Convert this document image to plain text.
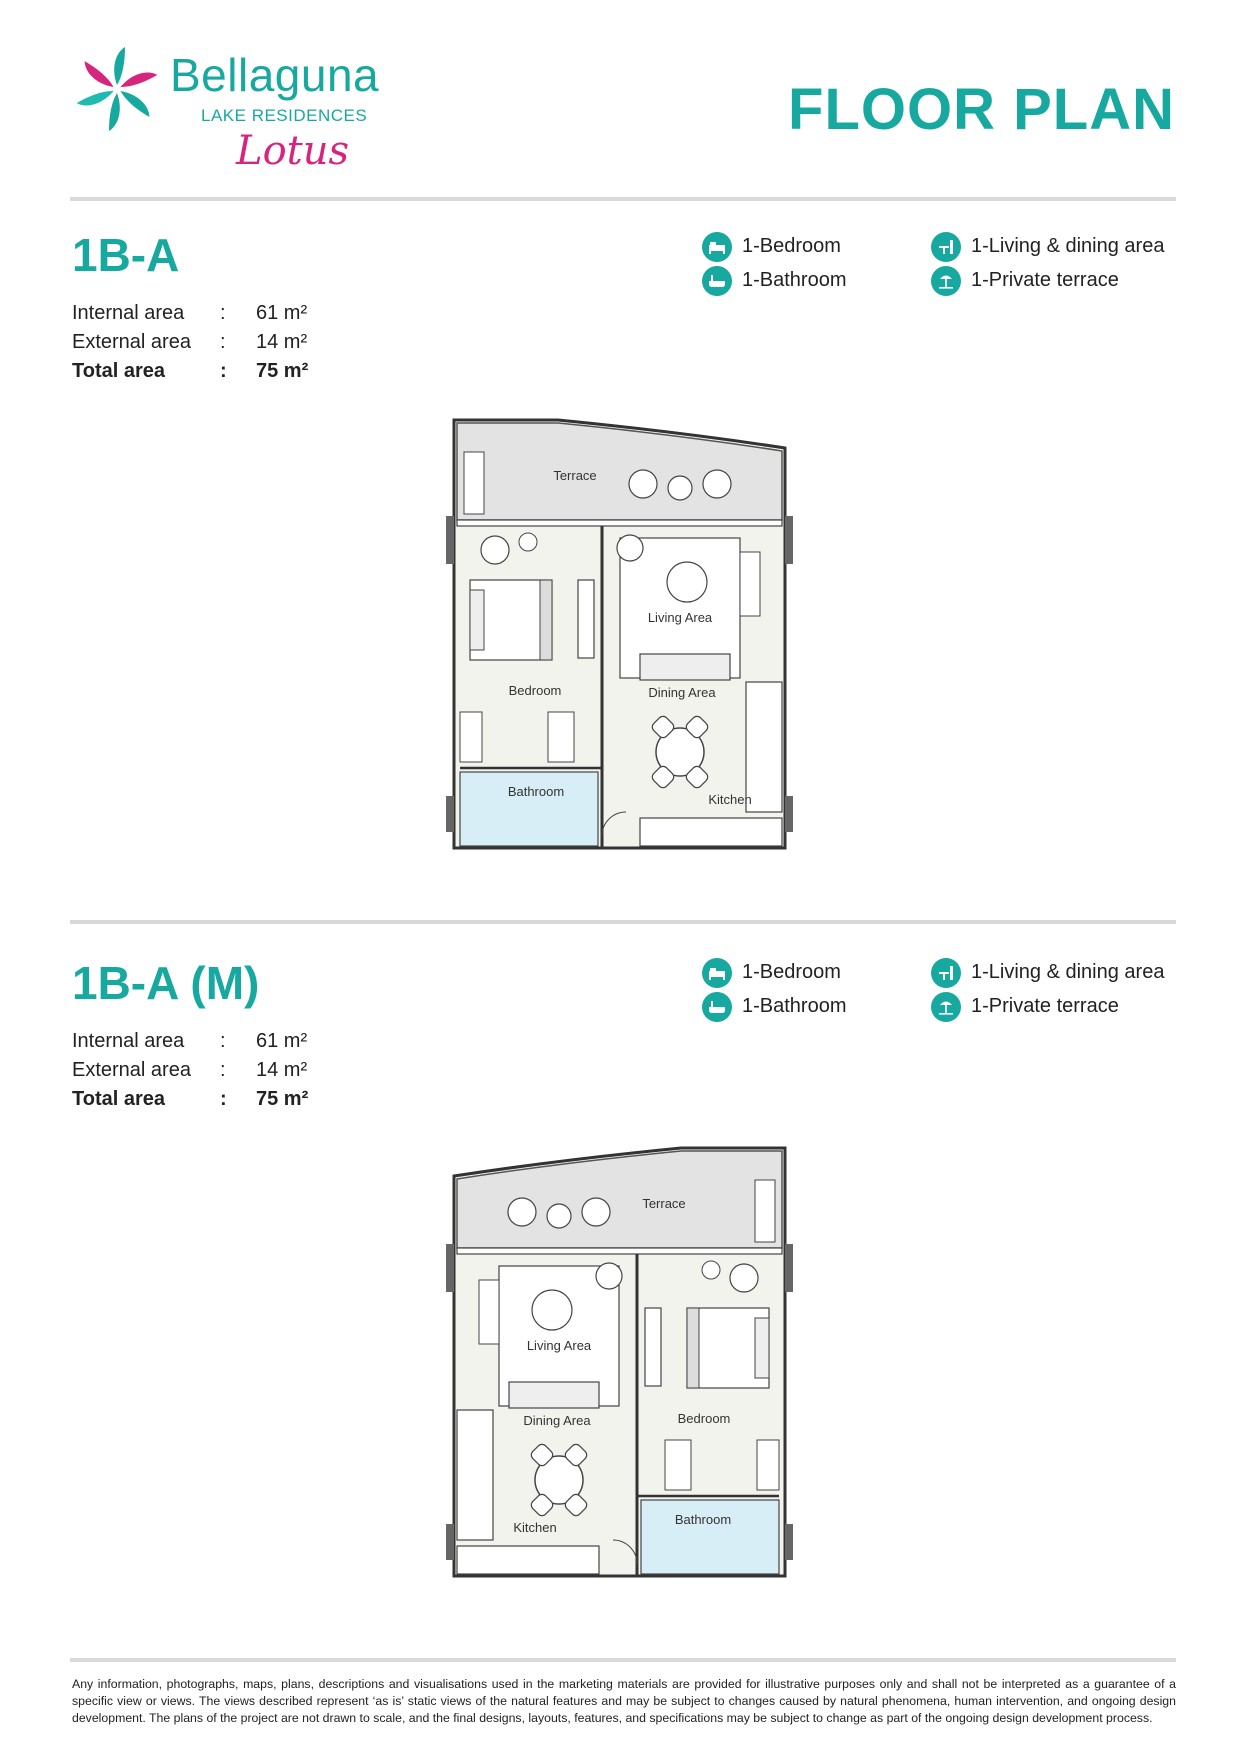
Bellaguna
LAKE RESIDENCES
Lotus
FLOOR PLAN
1B-A
Internal area : 61 m²
External area : 14 m²
Total area	: 75 m²
1-Bedroom
1-Bathroom
1-Living & dining area
1-Private terrace
Terrace
Living Area
Bedroom	Dining Area
Bathroom
Kitchen
1B-A (M)
Internal area : 61 m²
External area : 14 m²
Total area	: 75 m²
1-Bedroom
1-Bathroom
1-Living & dining area
1-Private terrace
Terrace
Living Area
Bedroom
Dining Area
Bathroom
Kitchen
Any information, photographs, maps, plans, descriptions and visualisations used in the marketing materials are provided for illustrative purposes only and shall not be interpreted as a guarantee of a specific view or views. The views described represent ‘as is’ static views of the natural features and may be subject to changes caused by natural phenomena, human intervention, and ongoing design development. The plans of the project are not drawn to scale, and the final designs, layouts, features, and specifications may be subject to change as part of the ongoing design development process.
